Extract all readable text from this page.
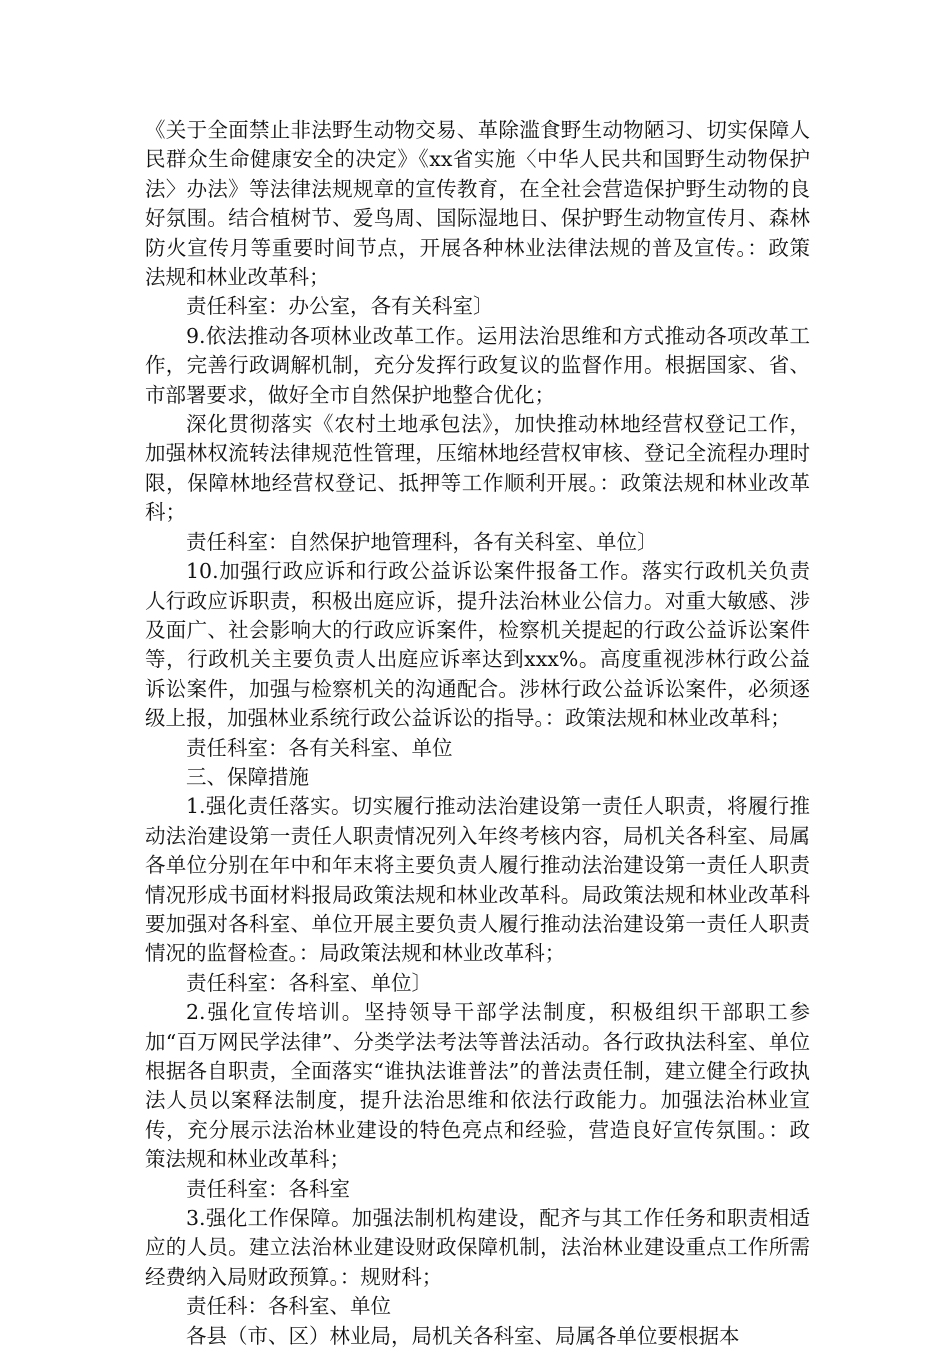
《关于全面禁止非法野生动物交易、革除滥食野生动物陋习、切实保障人民群众生命健康安全的决定》《xx省实施〈中华人民共和国野生动物保护法〉办法》等法律法规规章的宣传教育，在全社会营造保护野生动物的良好氛围。结合植树节、爱鸟周、国际湿地日、保护野生动物宣传月、森林防火宣传月等重要时间节点，开展各种林业法律法规的普及宣传。：政策法规和林业改革科；

责任科室：办公室，各有关科室〕

9.依法推动各项林业改革工作。运用法治思维和方式推动各项改革工作，完善行政调解机制，充分发挥行政复议的监督作用。根据国家、省、市部署要求，做好全市自然保护地整合优化；

深化贯彻落实《农村土地承包法》，加快推动林地经营权登记工作，加强林权流转法律规范性管理，压缩林地经营权审核、登记全流程办理时限，保障林地经营权登记、抵押等工作顺利开展。：政策法规和林业改革科；

责任科室：自然保护地管理科，各有关科室、单位〕

10.加强行政应诉和行政公益诉讼案件报备工作。落实行政机关负责人行政应诉职责，积极出庭应诉，提升法治林业公信力。对重大敏感、涉及面广、社会影响大的行政应诉案件，检察机关提起的行政公益诉讼案件等，行政机关主要负责人出庭应诉率达到xxx%。高度重视涉林行政公益诉讼案件，加强与检察机关的沟通配合。涉林行政公益诉讼案件，必须逐级上报，加强林业系统行政公益诉讼的指导。：政策法规和林业改革科；

责任科室：各有关科室、单位

三、保障措施

1.强化责任落实。切实履行推动法治建设第一责任人职责，将履行推动法治建设第一责任人职责情况列入年终考核内容，局机关各科室、局属各单位分别在年中和年末将主要负责人履行推动法治建设第一责任人职责情况形成书面材料报局政策法规和林业改革科。局政策法规和林业改革科要加强对各科室、单位开展主要负责人履行推动法治建设第一责任人职责情况的监督检查。：局政策法规和林业改革科；

责任科室：各科室、单位〕

2.强化宣传培训。坚持领导干部学法制度，积极组织干部职工参加“百万网民学法律”、分类学法考法等普法活动。各行政执法科室、单位根据各自职责，全面落实“谁执法谁普法”的普法责任制，建立健全行政执法人员以案释法制度，提升法治思维和依法行政能力。加强法治林业宣传，充分展示法治林业建设的特色亮点和经验，营造良好宣传氛围。：政策法规和林业改革科；

责任科室：各科室

3.强化工作保障。加强法制机构建设，配齐与其工作任务和职责相适应的人员。建立法治林业建设财政保障机制，法治林业建设重点工作所需经费纳入局财政预算。：规财科；

责任科：各科室、单位

各县（市、区）林业局，局机关各科室、局属各单位要根据本
